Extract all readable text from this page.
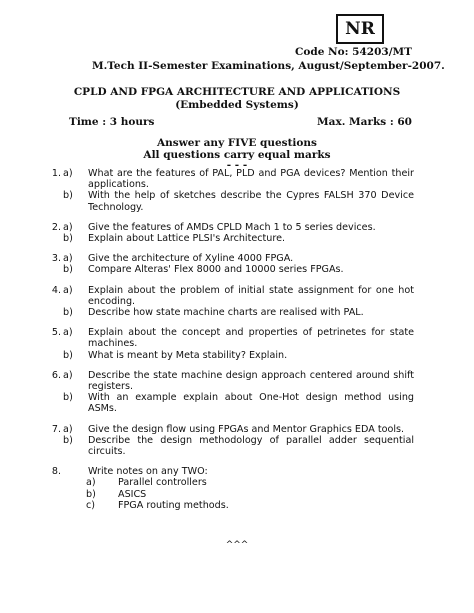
NR
Code No: 54203/MT
M.Tech II-Semester Examinations, August/September-2007.
CPLD AND FPGA ARCHITECTURE AND APPLICATIONS
(Embedded Systems)
Time : 3 hours	Max. Marks : 60
Answer any FIVE questions
All questions carry equal marks
- - -
1. a)	What are the features of PAL, PLD and PGA devices? Mention their applications.
b)	With the help of sketches describe the Cypres FALSH 370 Device Technology.
2. a)	Give the features of AMDs CPLD Mach 1 to 5 series devices.
b)	Explain about Lattice PLSI's Architecture.
3. a)	Give the architecture of Xyline 4000 FPGA.
b)	Compare Alteras' Flex 8000 and 10000 series FPGAs.
4. a)	Explain about the problem of initial state assignment for one hot encoding.
b)	Describe how state machine charts are realised with PAL.
5. a)	Explain about the concept and properties of petrinetes for state machines.
b)	What is meant by Meta stability? Explain.
6. a)	Describe the state machine design approach centered around shift registers.
b)	With an example explain about One-Hot design method using ASMs.
7. a)	Give the design flow using FPGAs and Mentor Graphics EDA tools.
b)	Describe the design methodology of parallel adder sequential circuits.
8.	Write notes on any TWO:
a)	Parallel controllers
b)	ASICS
c)	FPGA routing methods.
^^^
